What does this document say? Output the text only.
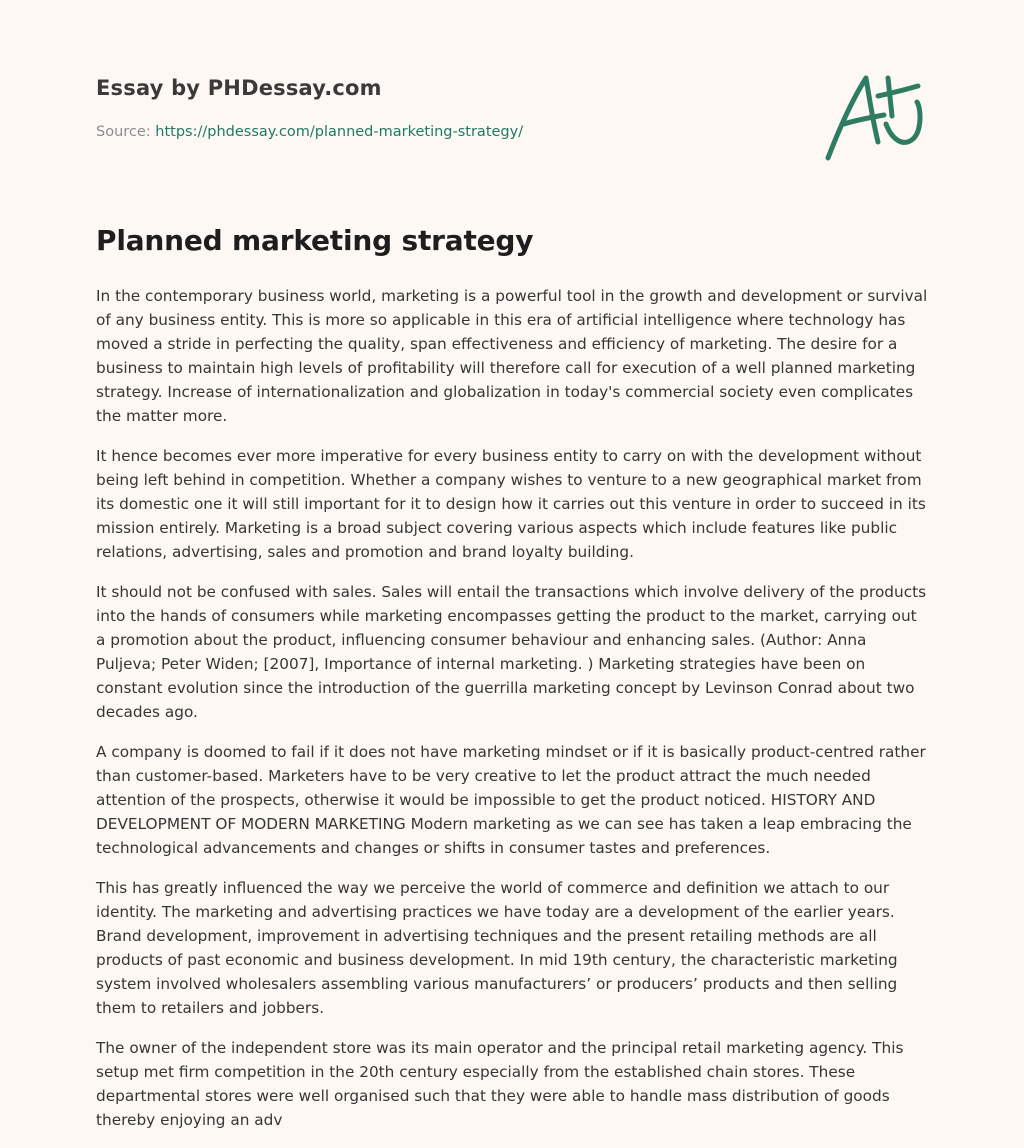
Essay by PHDessay.com
Source: https://phdessay.com/planned-marketing-strategy/
Planned marketing strategy

In the contemporary business world, marketing is a powerful tool in the growth and development or survival of any business entity. This is more so applicable in this era of artificial intelligence where technology has moved a stride in perfecting the quality, span effectiveness and efficiency of marketing. The desire for a business to maintain high levels of profitability will therefore call for execution of a well planned marketing strategy. Increase of internationalization and globalization in today's commercial society even complicates the matter more.

It hence becomes ever more imperative for every business entity to carry on with the development without being left behind in competition. Whether a company wishes to venture to a new geographical market from its domestic one it will still important for it to design how it carries out this venture in order to succeed in its mission entirely. Marketing is a broad subject covering various aspects which include features like public relations, advertising, sales and promotion and brand loyalty building.

It should not be confused with sales. Sales will entail the transactions which involve delivery of the products into the hands of consumers while marketing encompasses getting the product to the market, carrying out a promotion about the product, influencing consumer behaviour and enhancing sales. (Author: Anna Puljeva; Peter Widen; [2007], Importance of internal marketing. ) Marketing strategies have been on constant evolution since the introduction of the guerrilla marketing concept by Levinson Conrad about two decades ago.

A company is doomed to fail if it does not have marketing mindset or if it is basically product-centred rather than customer-based. Marketers have to be very creative to let the product attract the much needed attention of the prospects, otherwise it would be impossible to get the product noticed. HISTORY AND DEVELOPMENT OF MODERN MARKETING Modern marketing as we can see has taken a leap embracing the technological advancements and changes or shifts in consumer tastes and preferences.

This has greatly influenced the way we perceive the world of commerce and definition we attach to our identity. The marketing and advertising practices we have today are a development of the earlier years. Brand development, improvement in advertising techniques and the present retailing methods are all products of past economic and business development. In mid 19th century, the characteristic marketing system involved wholesalers assembling various manufacturers’ or producers’ products and then selling them to retailers and jobbers.

The owner of the independent store was its main operator and the principal retail marketing agency. This setup met firm competition in the 20th century especially from the established chain stores. These departmental stores were well organised such that they were able to handle mass distribution of goods thereby enjoying an adv
